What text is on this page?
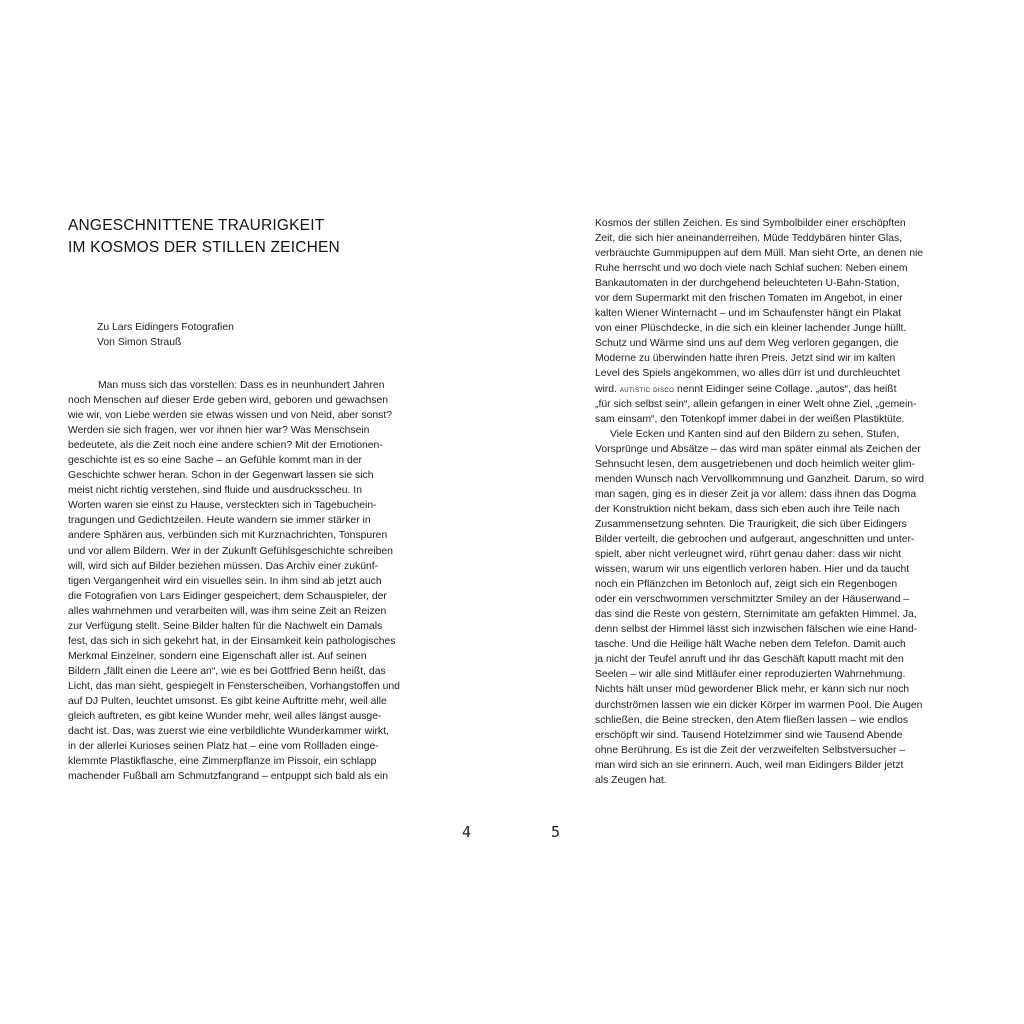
ANGESCHNITTENE TRAURIGKEIT
IM KOSMOS DER STILLEN ZEICHEN
Zu Lars Eidingers Fotografien
Von Simon Strauß
Man muss sich das vorstellen: Dass es in neunhundert Jahren
noch Menschen auf dieser Erde geben wird, geboren und gewachsen
wie wir, von Liebe werden sie etwas wissen und von Neid, aber sonst?
Werden sie sich fragen, wer vor ihnen hier war? Was Menschsein
bedeutete, als die Zeit noch eine andere schien? Mit der Emotionen-
geschichte ist es so eine Sache – an Gefühle kommt man in der
Geschichte schwer heran. Schon in der Gegenwart lassen sie sich
meist nicht richtig verstehen, sind fluide und ausdrucksscheu. In
Worten waren sie einst zu Hause, versteckten sich in Tagebuchein-
tragungen und Gedichtzeilen. Heute wandern sie immer stärker in
andere Sphären aus, verbünden sich mit Kurznachrichten, Tonspuren
und vor allem Bildern. Wer in der Zukunft Gefühlsgeschichte schreiben
will, wird sich auf Bilder beziehen müssen. Das Archiv einer zukünf-
tigen Vergangenheit wird ein visuelles sein. In ihm sind ab jetzt auch
die Fotografien von Lars Eidinger gespeichert, dem Schauspieler, der
alles wahrnehmen und verarbeiten will, was ihm seine Zeit an Reizen
zur Verfügung stellt. Seine Bilder halten für die Nachwelt ein Damals
fest, das sich in sich gekehrt hat, in der Einsamkeit kein pathologisches
Merkmal Einzelner, sondern eine Eigenschaft aller ist. Auf seinen
Bildern „fällt einen die Leere an“, wie es bei Gottfried Benn heißt, das
Licht, das man sieht, gespiegelt in Fensterscheiben, Vorhangstoffen und
auf DJ Pulten, leuchtet umsonst. Es gibt keine Auftritte mehr, weil alle
gleich auftreten, es gibt keine Wunder mehr, weil alles längst ausge-
dacht ist. Das, was zuerst wie eine verbildlichte Wunderkammer wirkt,
in der allerlei Kurioses seinen Platz hat – eine vom Rollladen einge-
klemmte Plastikflasche, eine Zimmerpflanze im Pissoir, ein schlapp
machender Fußball am Schmutzfangrand – entpuppt sich bald als ein
4
Kosmos der stillen Zeichen. Es sind Symbolbilder einer erschöpften
Zeit, die sich hier aneinanderreihen. Müde Teddybären hinter Glas,
verbrauchte Gummipuppen auf dem Müll. Man sieht Orte, an denen nie
Ruhe herrscht und wo doch viele nach Schlaf suchen: Neben einem
Bankautomaten in der durchgehend beleuchteten U-Bahn-Station,
vor dem Supermarkt mit den frischen Tomaten im Angebot, in einer
kalten Wiener Winternacht – und im Schaufenster hängt ein Plakat
von einer Plüschdecke, in die sich ein kleiner lachender Junge hüllt.
Schutz und Wärme sind uns auf dem Weg verloren gegangen, die
Moderne zu überwinden hatte ihren Preis. Jetzt sind wir im kalten
Level des Spiels angekommen, wo alles dürr ist und durchleuchtet
wird. autistic disco nennt Eidinger seine Collage. „autos“, das heißt
„für sich selbst sein“, allein gefangen in einer Welt ohne Ziel, „gemein-
sam einsam“, den Totenkopf immer dabei in der weißen Plastiktüte.
Viele Ecken und Kanten sind auf den Bildern zu sehen, Stufen,
Vorsprünge und Absätze – das wird man später einmal als Zeichen der
Sehnsucht lesen, dem ausgetriebenen und doch heimlich weiter glim-
menden Wunsch nach Vervollkommnung und Ganzheit. Darum, so wird
man sagen, ging es in dieser Zeit ja vor allem: dass ihnen das Dogma
der Konstruktion nicht bekam, dass sich eben auch ihre Teile nach
Zusammensetzung sehnten. Die Traurigkeit, die sich über Eidingers
Bilder verteilt, die gebrochen und aufgeraut, angeschnitten und unter-
spielt, aber nicht verleugnet wird, rührt genau daher: dass wir nicht
wissen, warum wir uns eigentlich verloren haben. Hier und da taucht
noch ein Pflänzchen im Betonloch auf, zeigt sich ein Regenbogen
oder ein verschwommen verschmitzter Smiley an der Häuserwand –
das sind die Reste von gestern, Sternimitate am gefakten Himmel. Ja,
denn selbst der Himmel lässt sich inzwischen fälschen wie eine Hand-
tasche. Und die Heilige hält Wache neben dem Telefon. Damit auch
ja nicht der Teufel anruft und ihr das Geschäft kaputt macht mit den
Seelen – wir alle sind Mitläufer einer reproduzierten Wahrnehmung.
Nichts hält unser müd gewordener Blick mehr, er kann sich nur noch
durchströmen lassen wie ein dicker Körper im warmen Pool. Die Augen
schließen, die Beine strecken, den Atem fließen lassen – wie endlos
erschöpft wir sind. Tausend Hotelzimmer sind wie Tausend Abende
ohne Berührung. Es ist die Zeit der verzweifelten Selbstversucher –
man wird sich an sie erinnern. Auch, weil man Eidingers Bilder jetzt
als Zeugen hat.
5
